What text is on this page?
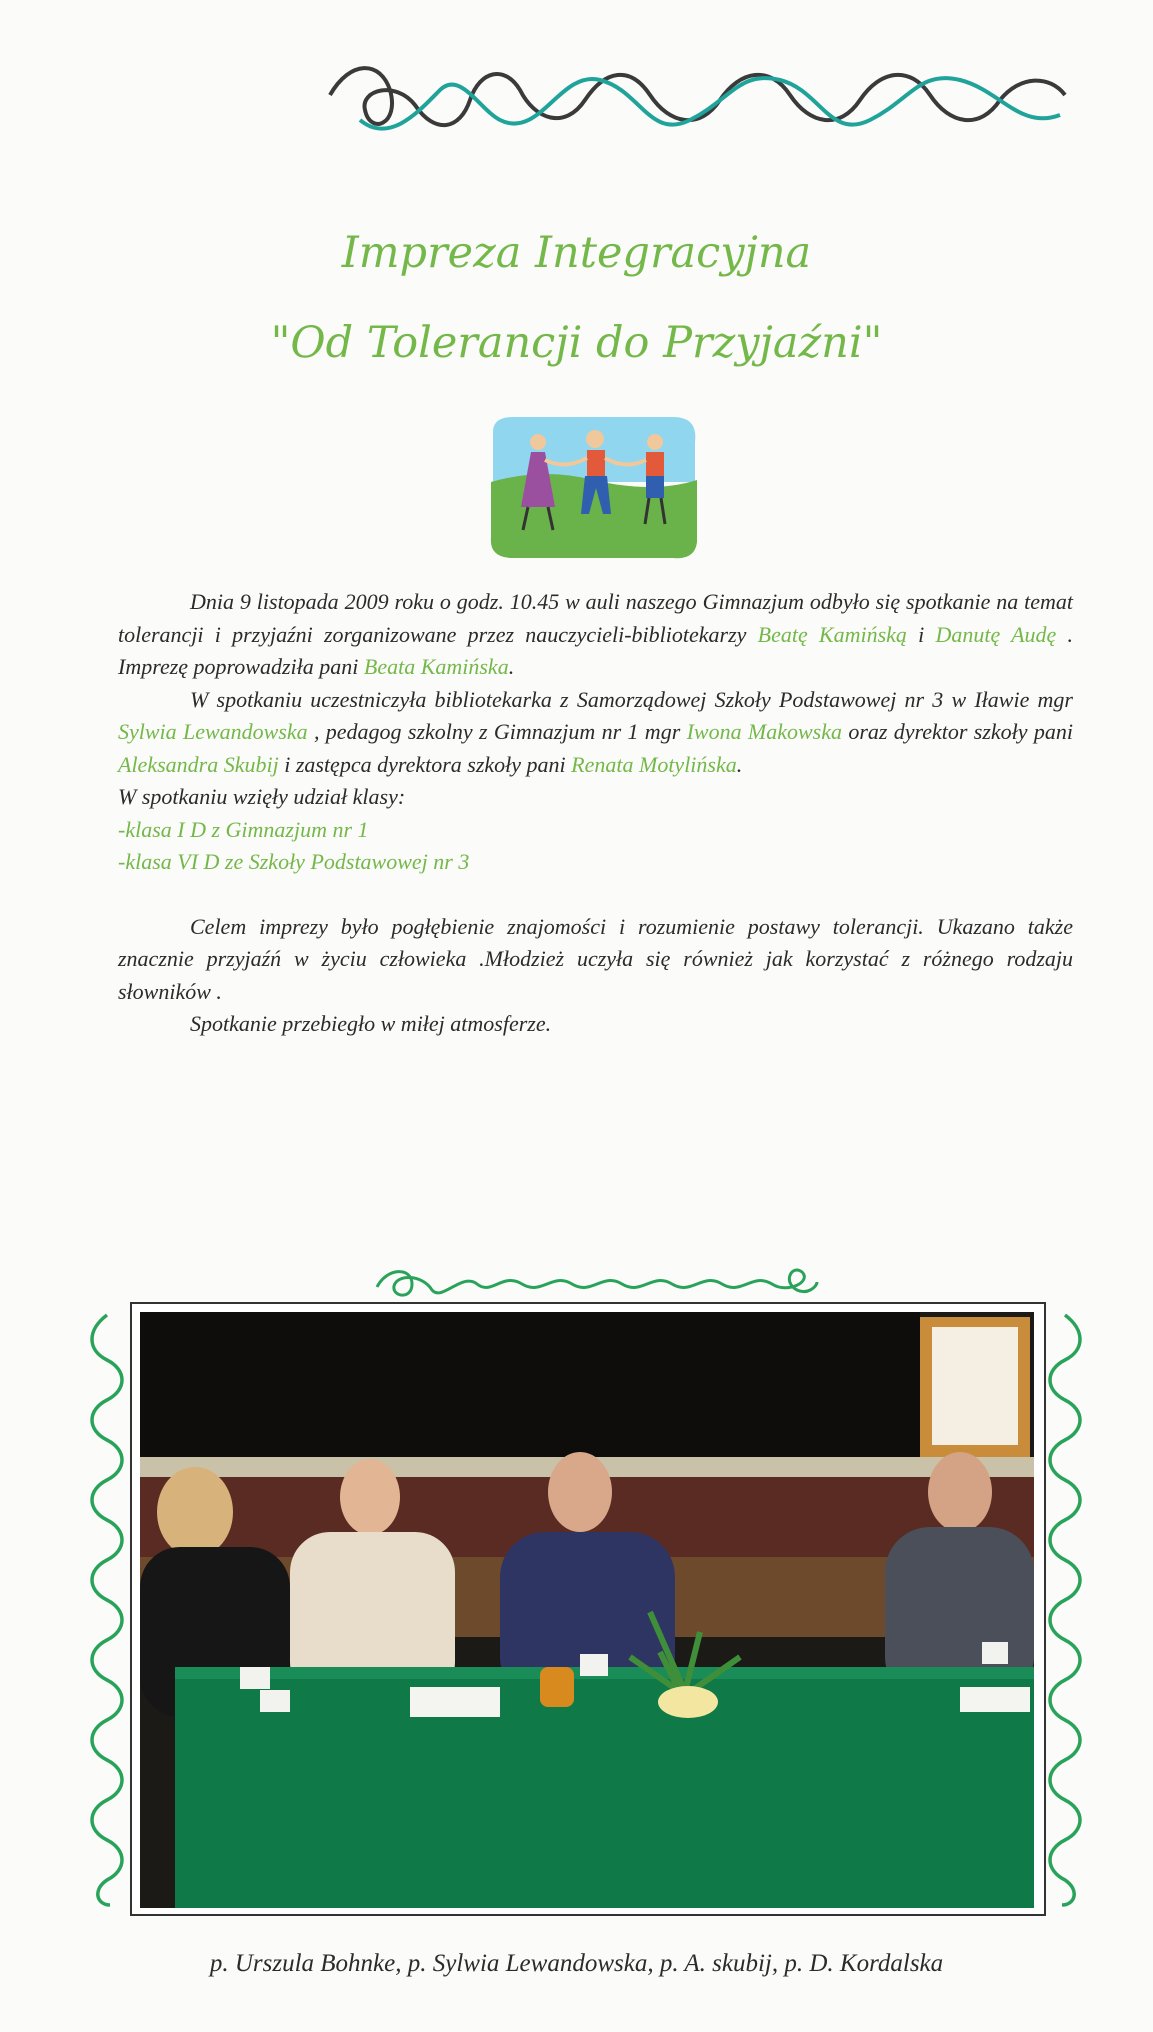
Impreza Integracyjna
"Od Tolerancji do Przyjaźni"

Dnia 9 listopada 2009 roku o godz. 10.45 w auli naszego Gimnazjum odbyło się spotkanie na temat tolerancji i przyjaźni zorganizowane przez nauczycieli-bibliotekarzy Beatę Kamińską i Danutę Audę . Imprezę poprowadziła pani Beata Kamińska.

W spotkaniu uczestniczyła bibliotekarka z Samorządowej Szkoły Podstawowej nr 3 w Iławie mgr Sylwia Lewandowska , pedagog szkolny z Gimnazjum nr 1 mgr Iwona Makowska oraz dyrektor szkoły pani Aleksandra Skubij i zastępca dyrektora szkoły pani Renata Motylińska.

W spotkaniu wzięły udział klasy:

-klasa I D z Gimnazjum nr 1

-klasa VI D ze Szkoły Podstawowej nr 3

Celem imprezy było pogłębienie znajomości i rozumienie postawy tolerancji. Ukazano także znacznie przyjaźń w życiu człowieka .Młodzież uczyła się również jak korzystać z różnego rodzaju słowników .

Spotkanie przebiegło w miłej atmosferze.

p. Urszula Bohnke, p. Sylwia Lewandowska, p. A. skubij, p. D. Kordalska
